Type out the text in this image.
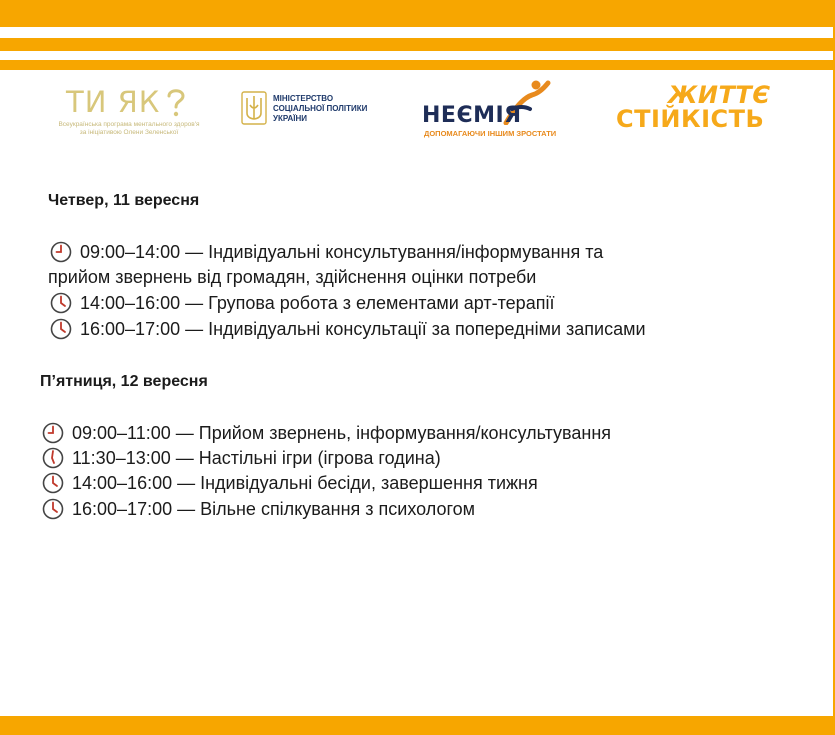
ТИ ЯК
Всеукраїнська програма ментального здоров'я
за ініціативою Олени Зеленської
МІНІСТЕРСТВО
СОЦІАЛЬНОЇ ПОЛІТИКИ
УКРАЇНИ	НЕЄМІЯ
ДОПОМАГАЮЧИ ІНШИМ ЗРОСТАТИ
ЖИТТЄ
СТІЙКІСТЬ
Четвер, 11 вересня
09:00–14:00 — Індивідуальні консультування/інформування та
прийом звернень від громадян, здійснення оцінки потреби
14:00–16:00 — Групова робота з елементами арт-терапії
16:00–17:00 — Індивідуальні консультації за попередніми записами
П’ятниця, 12 вересня
09:00–11:00 — Прийом звернень, інформування/консультування
11:30–13:00 — Настільні ігри (ігрова година)
14:00–16:00 — Індивідуальні бесіди, завершення тижня
16:00–17:00 — Вільне спілкування з психологом
